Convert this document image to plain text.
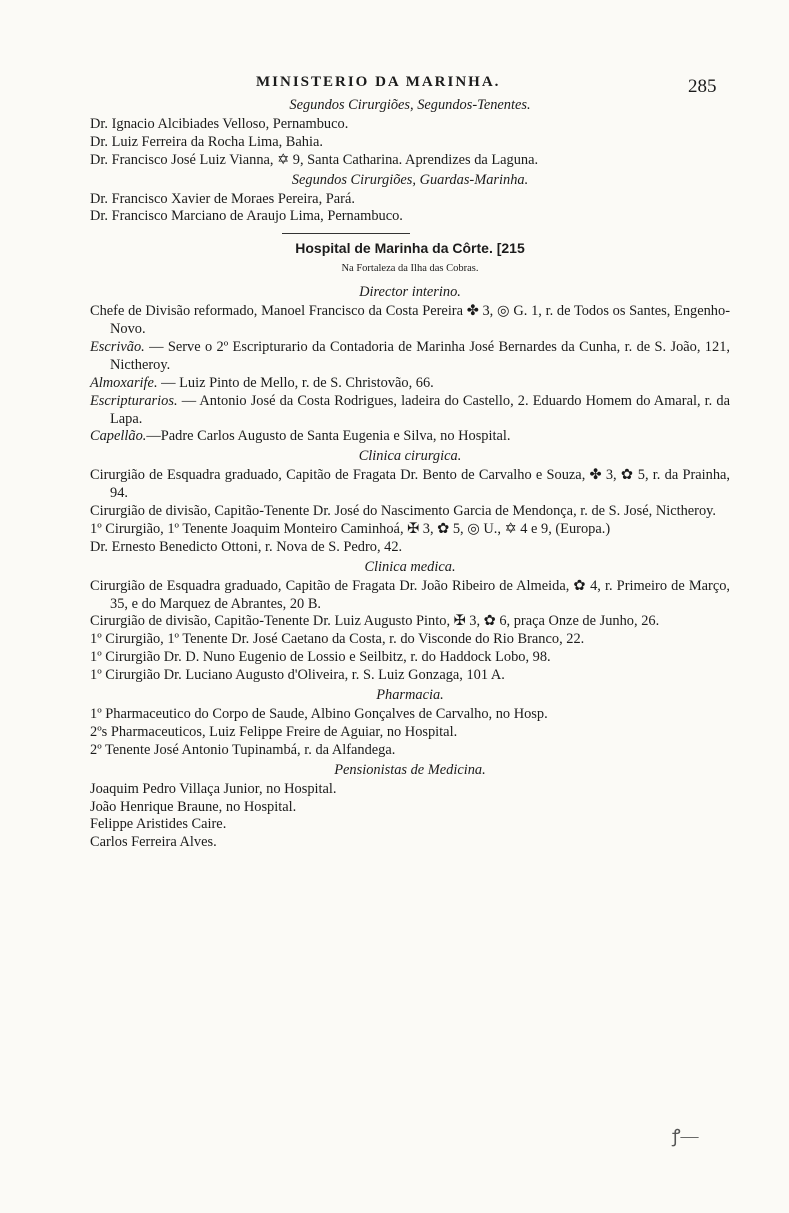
MINISTERIO DA MARINHA.	285
Segundos Cirurgiões, Segundos-Tenentes.

Dr. Ignacio Alcibiades Velloso, Pernambuco.

Dr. Luiz Ferreira da Rocha Lima, Bahia.

Dr. Francisco José Luiz Vianna, ✡ 9, Santa Catharina. Aprendizes da Laguna.

Segundos Cirurgiões, Guardas-Marinha.

Dr. Francisco Xavier de Moraes Pereira, Pará.

Dr. Francisco Marciano de Araujo Lima, Pernambuco.

Hospital de Marinha da Côrte. [215
Na Fortaleza da Ilha das Cobras.
Director interino.

Chefe de Divisão reformado, Manoel Francisco da Costa Pereira ✤ 3, ◎ G. 1, r. de Todos os Santes, Engenho-Novo.

Escrivão. — Serve o 2º Escripturario da Contadoria de Marinha José Bernardes da Cunha, r. de S. João, 121, Nictheroy.

Almoxarife. — Luiz Pinto de Mello, r. de S. Christovão, 66.

Escripturarios. — Antonio José da Costa Rodrigues, ladeira do Castello, 2. Eduardo Homem do Amaral, r. da Lapa.

Capellão.—Padre Carlos Augusto de Santa Eugenia e Silva, no Hospital.

Clinica cirurgica.

Cirurgião de Esquadra graduado, Capitão de Fragata Dr. Bento de Carvalho e Souza, ✤ 3, ✿ 5, r. da Prainha, 94.

Cirurgião de divisão, Capitão-Tenente Dr. José do Nascimento Garcia de Mendonça, r. de S. José, Nictheroy.

1º Cirurgião, 1º Tenente Joaquim Monteiro Caminhoá, ✠ 3, ✿ 5, ◎ U., ✡ 4 e 9, (Europa.)

Dr. Ernesto Benedicto Ottoni, r. Nova de S. Pedro, 42.

Clinica medica.

Cirurgião de Esquadra graduado, Capitão de Fragata Dr. João Ribeiro de Almeida, ✿ 4, r. Primeiro de Março, 35, e do Marquez de Abrantes, 20 B.

Cirurgião de divisão, Capitão-Tenente Dr. Luiz Augusto Pinto, ✠ 3, ✿ 6, praça Onze de Junho, 26.

1º Cirurgião, 1º Tenente Dr. José Caetano da Costa, r. do Visconde do Rio Branco, 22.

1º Cirurgião Dr. D. Nuno Eugenio de Lossio e Seilbitz, r. do Haddock Lobo, 98.

1º Cirurgião Dr. Luciano Augusto d'Oliveira, r. S. Luiz Gonzaga, 101 A.

Pharmacia.

1º Pharmaceutico do Corpo de Saude, Albino Gonçalves de Carvalho, no Hosp.

2ºs Pharmaceuticos, Luiz Felippe Freire de Aguiar, no Hospital.

2º Tenente José Antonio Tupinambá, r. da Alfandega.

Pensionistas de Medicina.

Joaquim Pedro Villaça Junior, no Hospital.

João Henrique Braune, no Hospital.

Felippe Aristides Caire.

Carlos Ferreira Alves.

ꝭ—
